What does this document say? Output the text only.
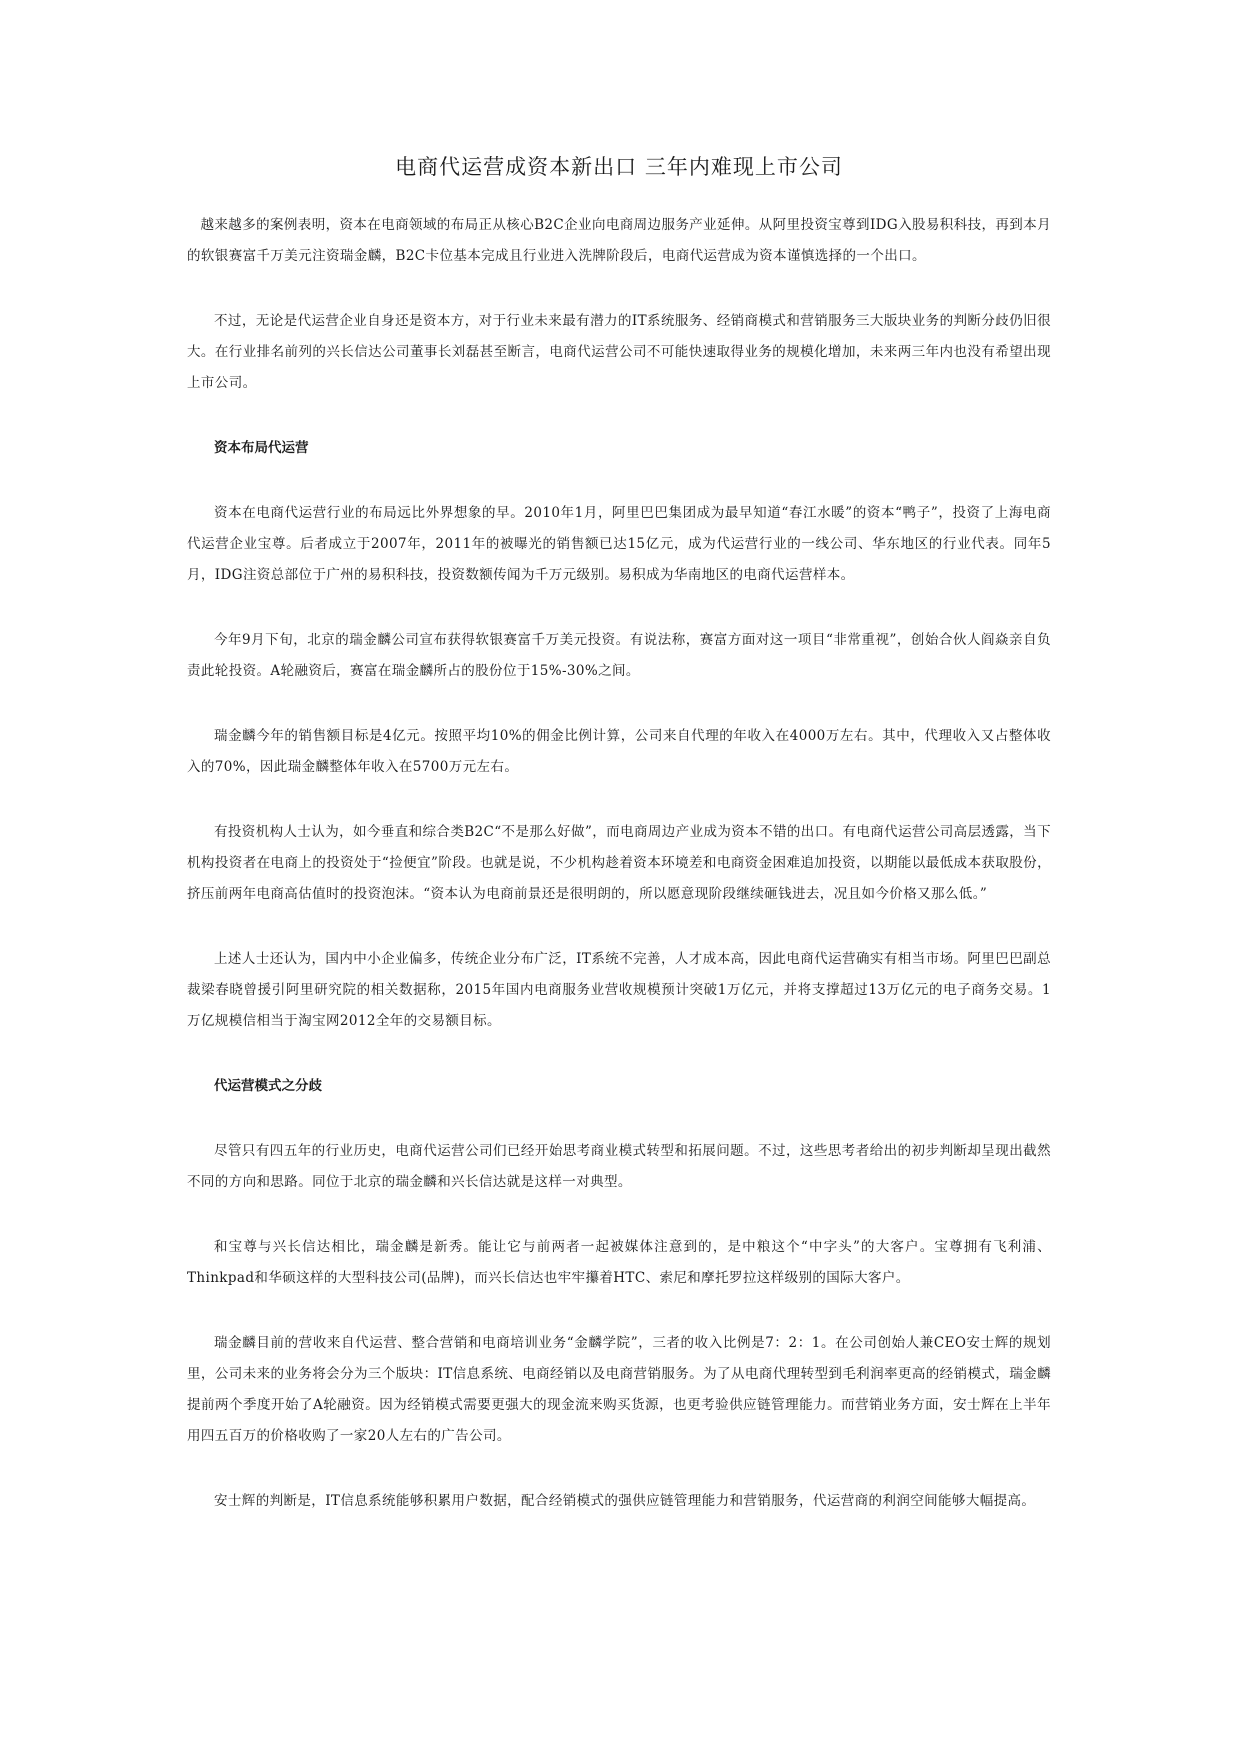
电商代运营成资本新出口 三年内难现上市公司

越来越多的案例表明，资本在电商领域的布局正从核心B2C企业向电商周边服务产业延伸。从阿里投资宝尊到IDG入股易积科技，再到本月的软银赛富千万美元注资瑞金麟，B2C卡位基本完成且行业进入洗牌阶段后，电商代运营成为资本谨慎选择的一个出口。

不过，无论是代运营企业自身还是资本方，对于行业未来最有潜力的IT系统服务、经销商模式和营销服务三大版块业务的判断分歧仍旧很大。在行业排名前列的兴长信达公司董事长刘磊甚至断言，电商代运营公司不可能快速取得业务的规模化增加，未来两三年内也没有希望出现上市公司。

资本布局代运营

资本在电商代运营行业的布局远比外界想象的早。2010年1月，阿里巴巴集团成为最早知道“春江水暖”的资本“鸭子”，投资了上海电商代运营企业宝尊。后者成立于2007年，2011年的被曝光的销售额已达15亿元，成为代运营行业的一线公司、华东地区的行业代表。同年5月，IDG注资总部位于广州的易积科技，投资数额传闻为千万元级别。易积成为华南地区的电商代运营样本。

今年9月下旬，北京的瑞金麟公司宣布获得软银赛富千万美元投资。有说法称，赛富方面对这一项目“非常重视”，创始合伙人阎焱亲自负责此轮投资。A轮融资后，赛富在瑞金麟所占的股份位于15%-30%之间。

瑞金麟今年的销售额目标是4亿元。按照平均10%的佣金比例计算，公司来自代理的年收入在4000万左右。其中，代理收入又占整体收入的70%，因此瑞金麟整体年收入在5700万元左右。

有投资机构人士认为，如今垂直和综合类B2C“不是那么好做”，而电商周边产业成为资本不错的出口。有电商代运营公司高层透露，当下机构投资者在电商上的投资处于“捡便宜”阶段。也就是说，不少机构趁着资本环境差和电商资金困难追加投资，以期能以最低成本获取股份，挤压前两年电商高估值时的投资泡沫。“资本认为电商前景还是很明朗的，所以愿意现阶段继续砸钱进去，况且如今价格又那么低。”

上述人士还认为，国内中小企业偏多，传统企业分布广泛，IT系统不完善，人才成本高，因此电商代运营确实有相当市场。阿里巴巴副总裁梁春晓曾援引阿里研究院的相关数据称，2015年国内电商服务业营收规模预计突破1万亿元，并将支撑超过13万亿元的电子商务交易。1万亿规模信相当于淘宝网2012全年的交易额目标。

代运营模式之分歧

尽管只有四五年的行业历史，电商代运营公司们已经开始思考商业模式转型和拓展问题。不过，这些思考者给出的初步判断却呈现出截然不同的方向和思路。同位于北京的瑞金麟和兴长信达就是这样一对典型。

和宝尊与兴长信达相比，瑞金麟是新秀。能让它与前两者一起被媒体注意到的，是中粮这个“中字头”的大客户。宝尊拥有飞利浦、Thinkpad和华硕这样的大型科技公司(品牌)，而兴长信达也牢牢攥着HTC、索尼和摩托罗拉这样级别的国际大客户。

瑞金麟目前的营收来自代运营、整合营销和电商培训业务“金麟学院”，三者的收入比例是7：2：1。在公司创始人兼CEO安士辉的规划里，公司未来的业务将会分为三个版块：IT信息系统、电商经销以及电商营销服务。为了从电商代理转型到毛利润率更高的经销模式，瑞金麟提前两个季度开始了A轮融资。因为经销模式需要更强大的现金流来购买货源，也更考验供应链管理能力。而营销业务方面，安士辉在上半年用四五百万的价格收购了一家20人左右的广告公司。

安士辉的判断是，IT信息系统能够积累用户数据，配合经销模式的强供应链管理能力和营销服务，代运营商的利润空间能够大幅提高。
